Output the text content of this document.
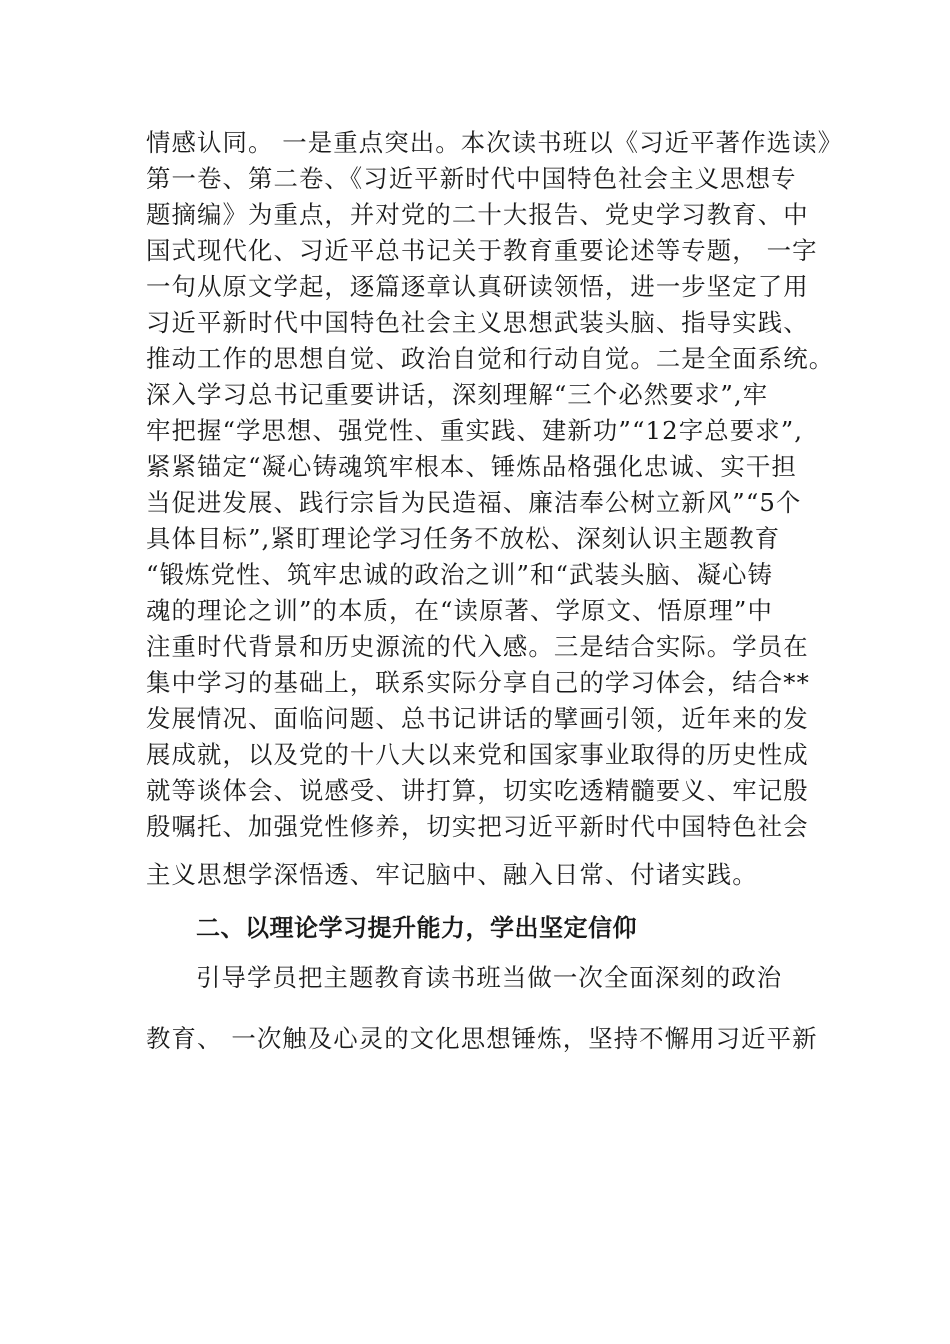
情感认同。 一是重点突出。本次读书班以《习近平著作选读》
第一卷、第二卷、《习近平新时代中国特色社会主义思想专
题摘编》为重点，并对党的二十大报告、党史学习教育、中
国式现代化、习近平总书记关于教育重要论述等专题， 一字
一句从原文学起，逐篇逐章认真研读领悟，进一步坚定了用
习近平新时代中国特色社会主义思想武装头脑、指导实践、
推动工作的思想自觉、政治自觉和行动自觉。二是全面系统。
深入学习总书记重要讲话，深刻理解“三个必然要求”,牢
牢把握“学思想、强党性、重实践、建新功”“12字总要求”,
紧紧锚定“凝心铸魂筑牢根本、锤炼品格强化忠诚、实干担
当促进发展、践行宗旨为民造福、廉洁奉公树立新风”“5个
具体目标”,紧盯理论学习任务不放松、深刻认识主题教育
“锻炼党性、筑牢忠诚的政治之训”和“武装头脑、凝心铸
魂的理论之训”的本质，在“读原著、学原文、悟原理”中
注重时代背景和历史源流的代入感。三是结合实际。学员在
集中学习的基础上，联系实际分享自己的学习体会，结合**
发展情况、面临问题、总书记讲话的擘画引领，近年来的发
展成就，以及党的十八大以来党和国家事业取得的历史性成
就等谈体会、说感受、讲打算，切实吃透精髓要义、牢记殷
殷嘱托、加强党性修养，切实把习近平新时代中国特色社会
主义思想学深悟透、牢记脑中、融入日常、付诸实践。
二、以理论学习提升能力，学出坚定信仰
引导学员把主题教育读书班当做一次全面深刻的政治
教育、 一次触及心灵的文化思想锤炼，坚持不懈用习近平新
